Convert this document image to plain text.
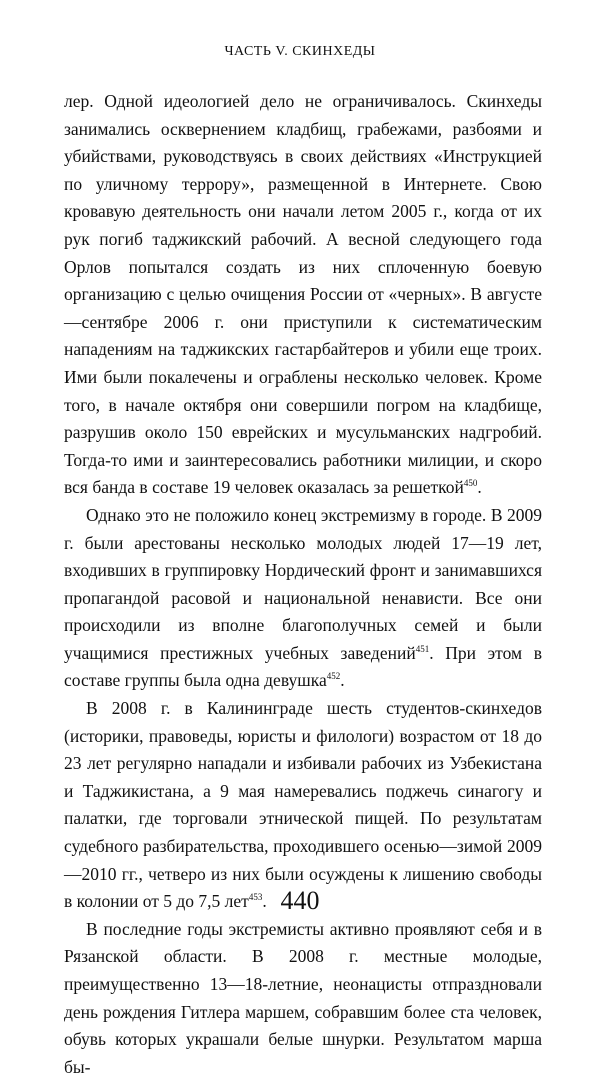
ЧАСТЬ V. СКИНХЕДЫ

лер. Одной идеологией дело не ограничивалось. Скинхеды занимались осквернением кладбищ, грабежами, разбоями и убийствами, руководствуясь в своих действиях «Инструкцией по уличному террору», размещенной в Интернете. Свою кровавую деятельность они начали летом 2005 г., когда от их рук погиб таджикский рабочий. А весной следующего года Орлов попытался создать из них сплоченную боевую организацию с целью очищения России от «черных». В августе—сентябре 2006 г. они приступили к систематическим нападениям на таджикских гастарбайтеров и убили еще троих. Ими были покалечены и ограблены несколько человек. Кроме того, в начале октября они совершили погром на кладбище, разрушив около 150 еврейских и мусульманских надгробий. Тогда-то ими и заинтересовались работники милиции, и скоро вся банда в составе 19 человек оказалась за решеткой$^{450}$.

Однако это не положило конец экстремизму в городе. В 2009 г. были арестованы несколько молодых людей 17—19 лет, входивших в группировку Нордический фронт и занимавшихся пропагандой расовой и национальной ненависти. Все они происходили из вполне благополучных семей и были учащимися престижных учебных заведений$^{451}$. При этом в составе группы была одна девушка$^{452}$.

В 2008 г. в Калининграде шесть студентов-скинхедов (историки, правоведы, юристы и филологи) возрастом от 18 до 23 лет регулярно нападали и избивали рабочих из Узбекистана и Таджикистана, а 9 мая намеревались поджечь синагогу и палатки, где торговали этнической пищей. По результатам судебного разбирательства, проходившего осенью—зимой 2009—2010 гг., четверо из них были осуждены к лишению свободы в колонии от 5 до 7,5 лет$^{453}$.

В последние годы экстремисты активно проявляют себя и в Рязанской области. В 2008 г. местные молодые, преимущественно 13—18-летние, неонацисты отпраздновали день рождения Гитлера маршем, собравшим более ста человек, обувь которых украшали белые шнурки. Результатом марша бы-

440
